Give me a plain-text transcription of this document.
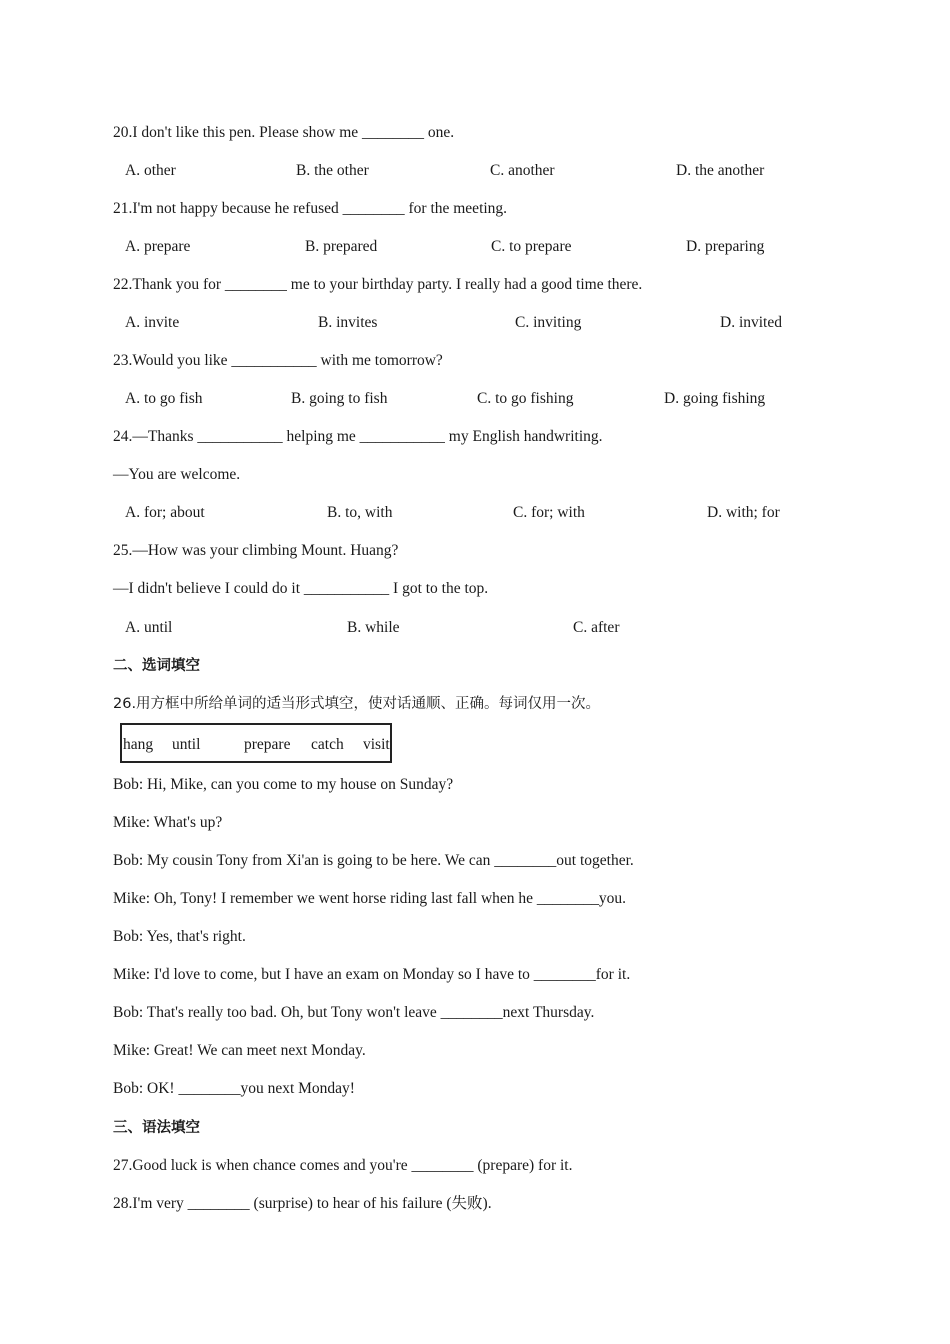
20.I don't like this pen. Please show me ________ one.
A. other	B. the other	C. another	D. the another
21.I'm not happy because he refused ________ for the meeting.
A. prepare	B. prepared	C. to prepare	D. preparing
22.Thank you for ________ me to your birthday party. I really had a good time there.
A. invite	B. invites	C. inviting	D. invited
23.Would you like ___________ with me tomorrow?
A. to go fish	B. going to fish	C. to go fishing	D. going fishing
24.—Thanks ___________ helping me ___________ my English handwriting.
—You are welcome.
A. for; about	B. to, with	C. for; with	D. with; for
25.—How was your climbing Mount. Huang?
—I didn't believe I could do it ___________ I got to the top.
A. until	B. while	C. after
二、选词填空
26.用方框中所给单词的适当形式填空，使对话通顺、正确。每词仅用一次。
hang until	prepare catch visit
Bob: Hi, Mike, can you come to my house on Sunday?
Mike: What's up?
Bob: My cousin Tony from Xi'an is going to be here. We can ________out together.
Mike: Oh, Tony! I remember we went horse riding last fall when he ________you.
Bob: Yes, that's right.
Mike: I'd love to come, but I have an exam on Monday so I have to ________for it.
Bob: That's really too bad. Oh, but Tony won't leave ________next Thursday.
Mike: Great! We can meet next Monday.
Bob: OK! ________you next Monday!
三、语法填空
27.Good luck is when chance comes and you're ________ (prepare) for it.
28.I'm very ________ (surprise) to hear of his failure (失败).
